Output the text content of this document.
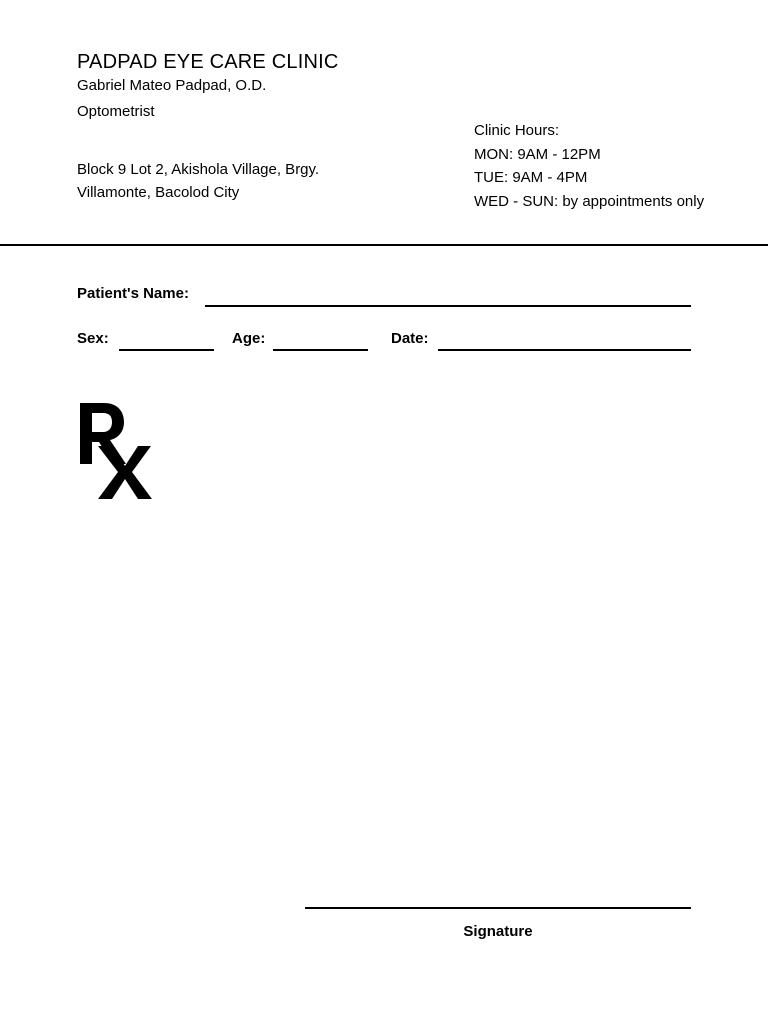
PADPAD EYE CARE CLINIC
Gabriel Mateo Padpad, O.D.
Optometrist
Block 9 Lot 2, Akishola Village, Brgy.
Villamonte, Bacolod City
Clinic Hours:
MON: 9AM - 12PM
TUE: 9AM - 4PM
WED - SUN: by appointments only
Patient's Name:
Sex:	Age:	Date:
Signature
